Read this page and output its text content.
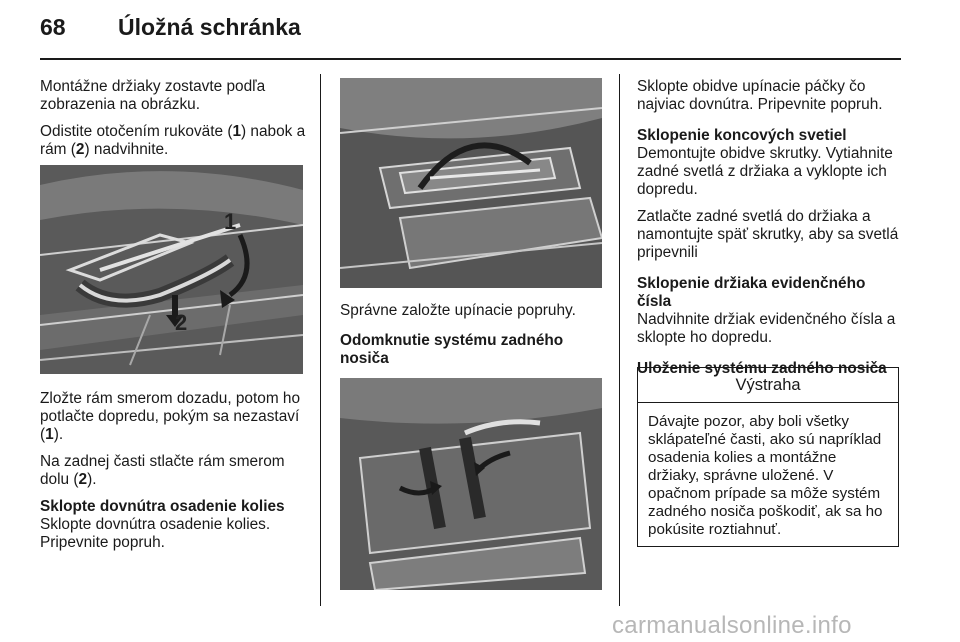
68 Úložná schránka

Montážne držiaky zostavte podľa zobrazenia na obrázku.

Odistite otočením rukoväte (1) nabok a rám (2) nadvihnite.

1
2

Zložte rám smerom dozadu, potom ho potlačte dopredu, pokým sa nezastaví (1).

Na zadnej časti stlačte rám smerom dolu (2).

Sklopte dovnútra osadenie kolies

Sklopte dovnútra osadenie kolies. Pripevnite popruh.

Správne založte upínacie popruhy.

Odomknutie systému zadného nosiča

Sklopte obidve upínacie páčky čo najviac dovnútra. Pripevnite popruh.

Sklopenie koncových svetiel

Demontujte obidve skrutky. Vytiahnite zadné svetlá z držiaka a vyklopte ich dopredu.

Zatlačte zadné svetlá do držiaka a namontujte späť skrutky, aby sa svetlá pripevnili

Sklopenie držiaka evidenčného čísla

Nadvihnite držiak evidenčného čísla a sklopte ho dopredu.

Uloženie systému zadného nosiča
Výstraha
Dávajte pozor, aby boli všetky sklápateľné časti, ako sú napríklad osadenia kolies a montážne držiaky, správne uložené. V opačnom prípade sa môže systém zadného nosiča poškodiť, ak sa ho pokúsite roztiahnuť.
carmanualsonline.info
